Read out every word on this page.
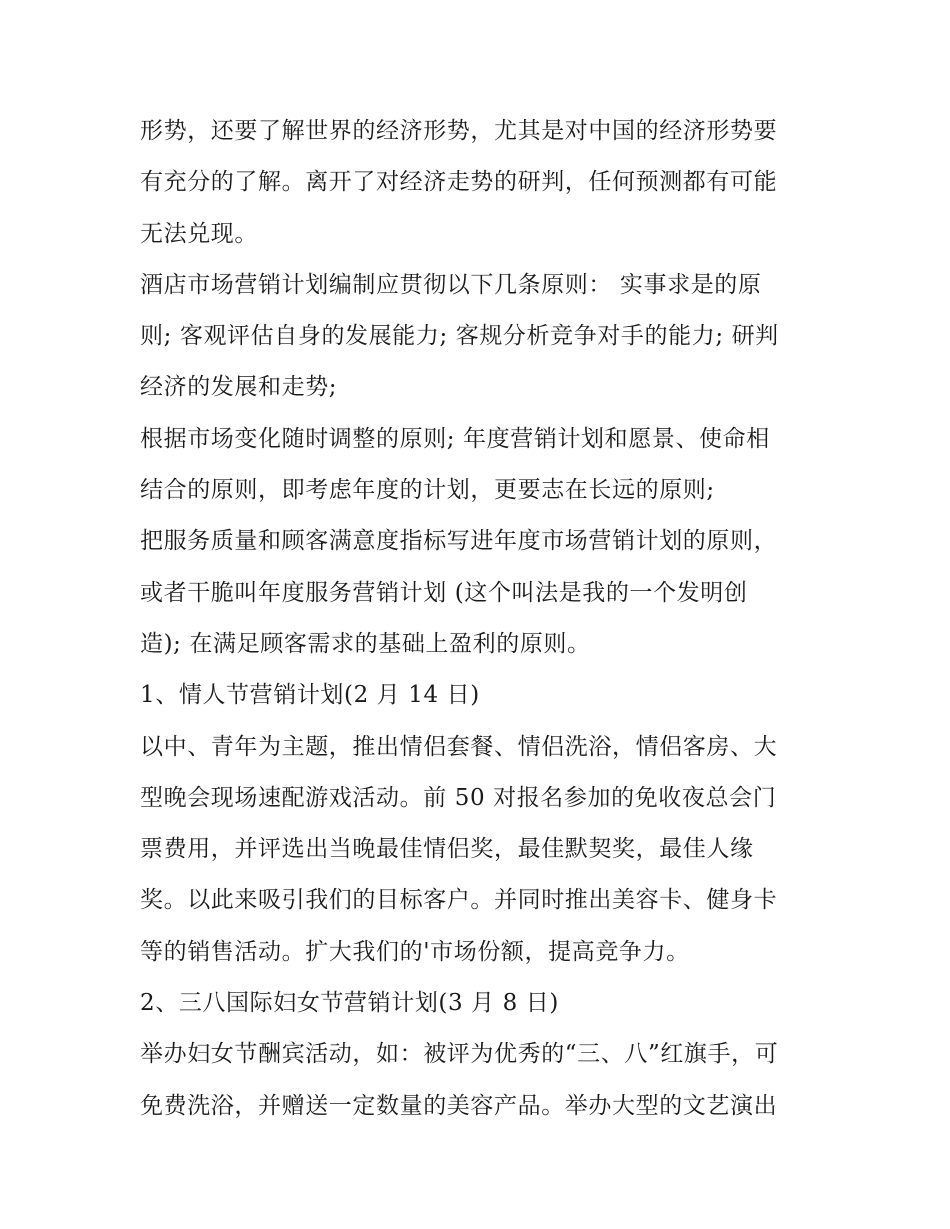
形势，还要了解世界的经济形势，尤其是对中国的经济形势要
有充分的了解。离开了对经济走势的研判，任何预测都有可能
无法兑现。
酒店市场营销计划编制应贯彻以下几条原则： 实事求是的原
则; 客观评估自身的发展能力; 客规分析竞争对手的能力; 研判
经济的发展和走势;
根据市场变化随时调整的原则; 年度营销计划和愿景、使命相
结合的原则，即考虑年度的计划，更要志在长远的原则;
把服务质量和顾客满意度指标写进年度市场营销计划的原则，
或者干脆叫年度服务营销计划 (这个叫法是我的一个发明创
造); 在满足顾客需求的基础上盈利的原则。
1、情人节营销计划(2 月 14 日)
以中、青年为主题，推出情侣套餐、情侣洗浴，情侣客房、大
型晚会现场速配游戏活动。前 50 对报名参加的免收夜总会门
票费用，并评选出当晚最佳情侣奖，最佳默契奖，最佳人缘
奖。以此来吸引我们的目标客户。并同时推出美容卡、健身卡
等的销售活动。扩大我们的'市场份额，提高竞争力。
2、三八国际妇女节营销计划(3 月 8 日)
举办妇女节酬宾活动，如：被评为优秀的“三、八”红旗手，可
免费洗浴，并赠送一定数量的美容产品。举办大型的文艺演出
